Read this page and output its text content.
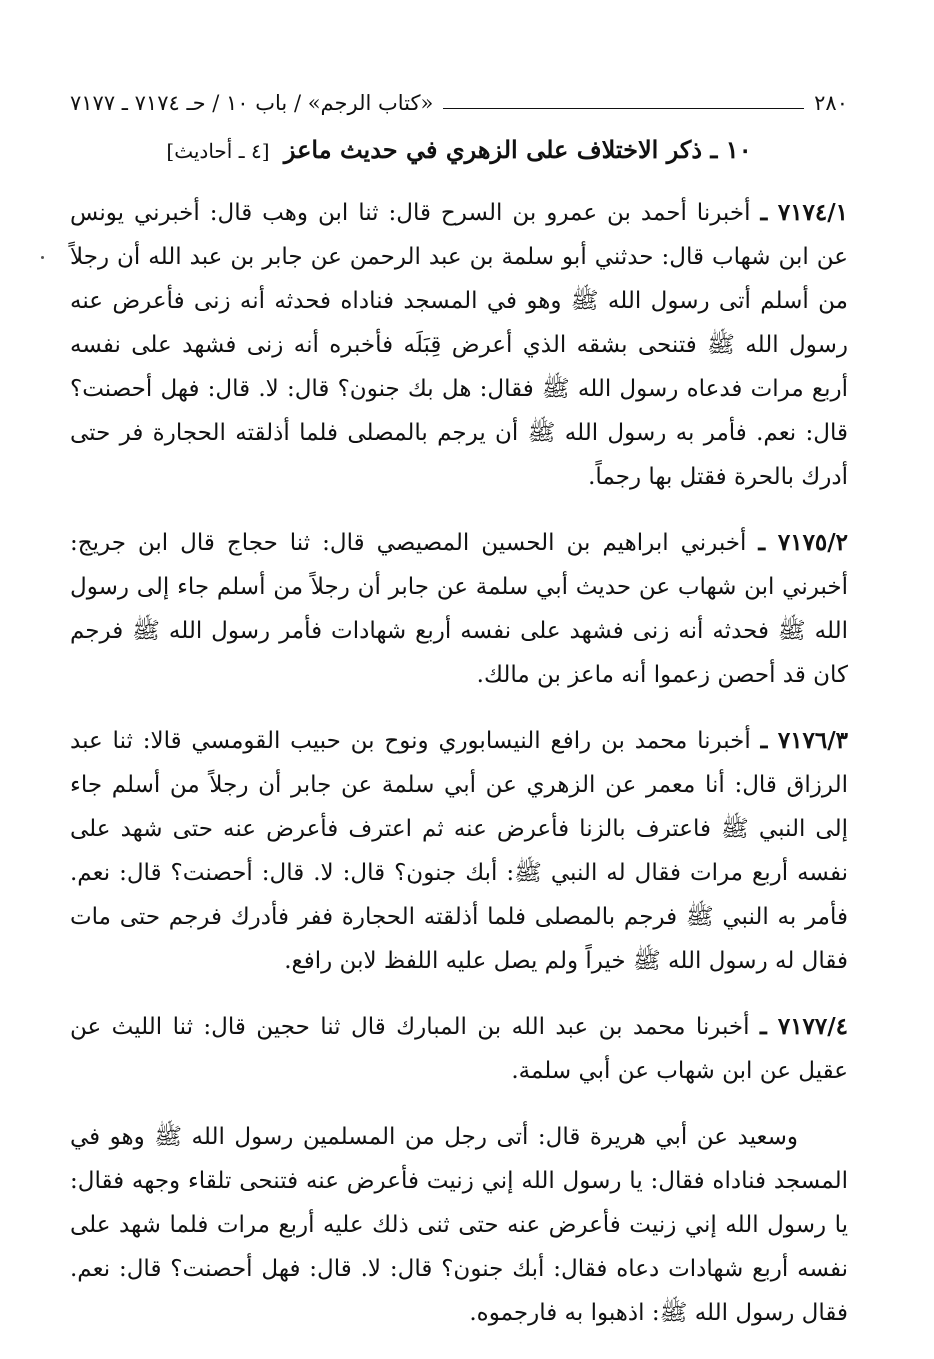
٢٨٠
«كتاب الرجم» / باب ١٠ / حـ ٧١٧٤ ـ ٧١٧٧
١٠ ـ ذكر الاختلاف على الزهري في حديث ماعز [٤ ـ أحاديث]

٧١٧٤/١ ـ أخبرنا أحمد بن عمرو بن السرح قال: ثنا ابن وهب قال: أخبرني يونس عن ابن شهاب قال: حدثني أبو سلمة بن عبد الرحمن عن جابر بن عبد الله أن رجلاً من أسلم أتى رسول الله ﷺ وهو في المسجد فناداه فحدثه أنه زنى فأعرض عنه رسول الله ﷺ فتنحى بشقه الذي أعرض قِبَلَه فأخبره أنه زنى فشهد على نفسه أربع مرات فدعاه رسول الله ﷺ فقال: هل بك جنون؟ قال: لا. قال: فهل أحصنت؟ قال: نعم. فأمر به رسول الله ﷺ أن يرجم بالمصلى فلما أذلقته الحجارة فر حتى أدرك بالحرة فقتل بها رجماً.

٧١٧٥/٢ ـ أخبرني ابراهيم بن الحسين المصيصي قال: ثنا حجاج قال ابن جريج: أخبرني ابن شهاب عن حديث أبي سلمة عن جابر أن رجلاً من أسلم جاء إلى رسول الله ﷺ فحدثه أنه زنى فشهد على نفسه أربع شهادات فأمر رسول الله ﷺ فرجم كان قد أحصن زعموا أنه ماعز بن مالك.

٧١٧٦/٣ ـ أخبرنا محمد بن رافع النيسابوري ونوح بن حبيب القومسي قالا: ثنا عبد الرزاق قال: أنا معمر عن الزهري عن أبي سلمة عن جابر أن رجلاً من أسلم جاء إلى النبي ﷺ فاعترف بالزنا فأعرض عنه ثم اعترف فأعرض عنه حتى شهد على نفسه أربع مرات فقال له النبي ﷺ: أبك جنون؟ قال: لا. قال: أحصنت؟ قال: نعم. فأمر به النبي ﷺ فرجم بالمصلى فلما أذلقته الحجارة ففر فأدرك فرجم حتى مات فقال له رسول الله ﷺ خيراً ولم يصل عليه اللفظ لابن رافع.

٧١٧٧/٤ ـ أخبرنا محمد بن عبد الله بن المبارك قال ثنا حجين قال: ثنا الليث عن عقيل عن ابن شهاب عن أبي سلمة.

وسعيد عن أبي هريرة قال: أتى رجل من المسلمين رسول الله ﷺ وهو في المسجد فناداه فقال: يا رسول الله إني زنيت فأعرض عنه فتنحى تلقاء وجهه فقال: يا رسول الله إني زنيت فأعرض عنه حتى ثنى ذلك عليه أربع مرات فلما شهد على نفسه أربع شهادات دعاه فقال: أبك جنون؟ قال: لا. قال: فهل أحصنت؟ قال: نعم. فقال رسول الله ﷺ: اذهبوا به فارجموه.
